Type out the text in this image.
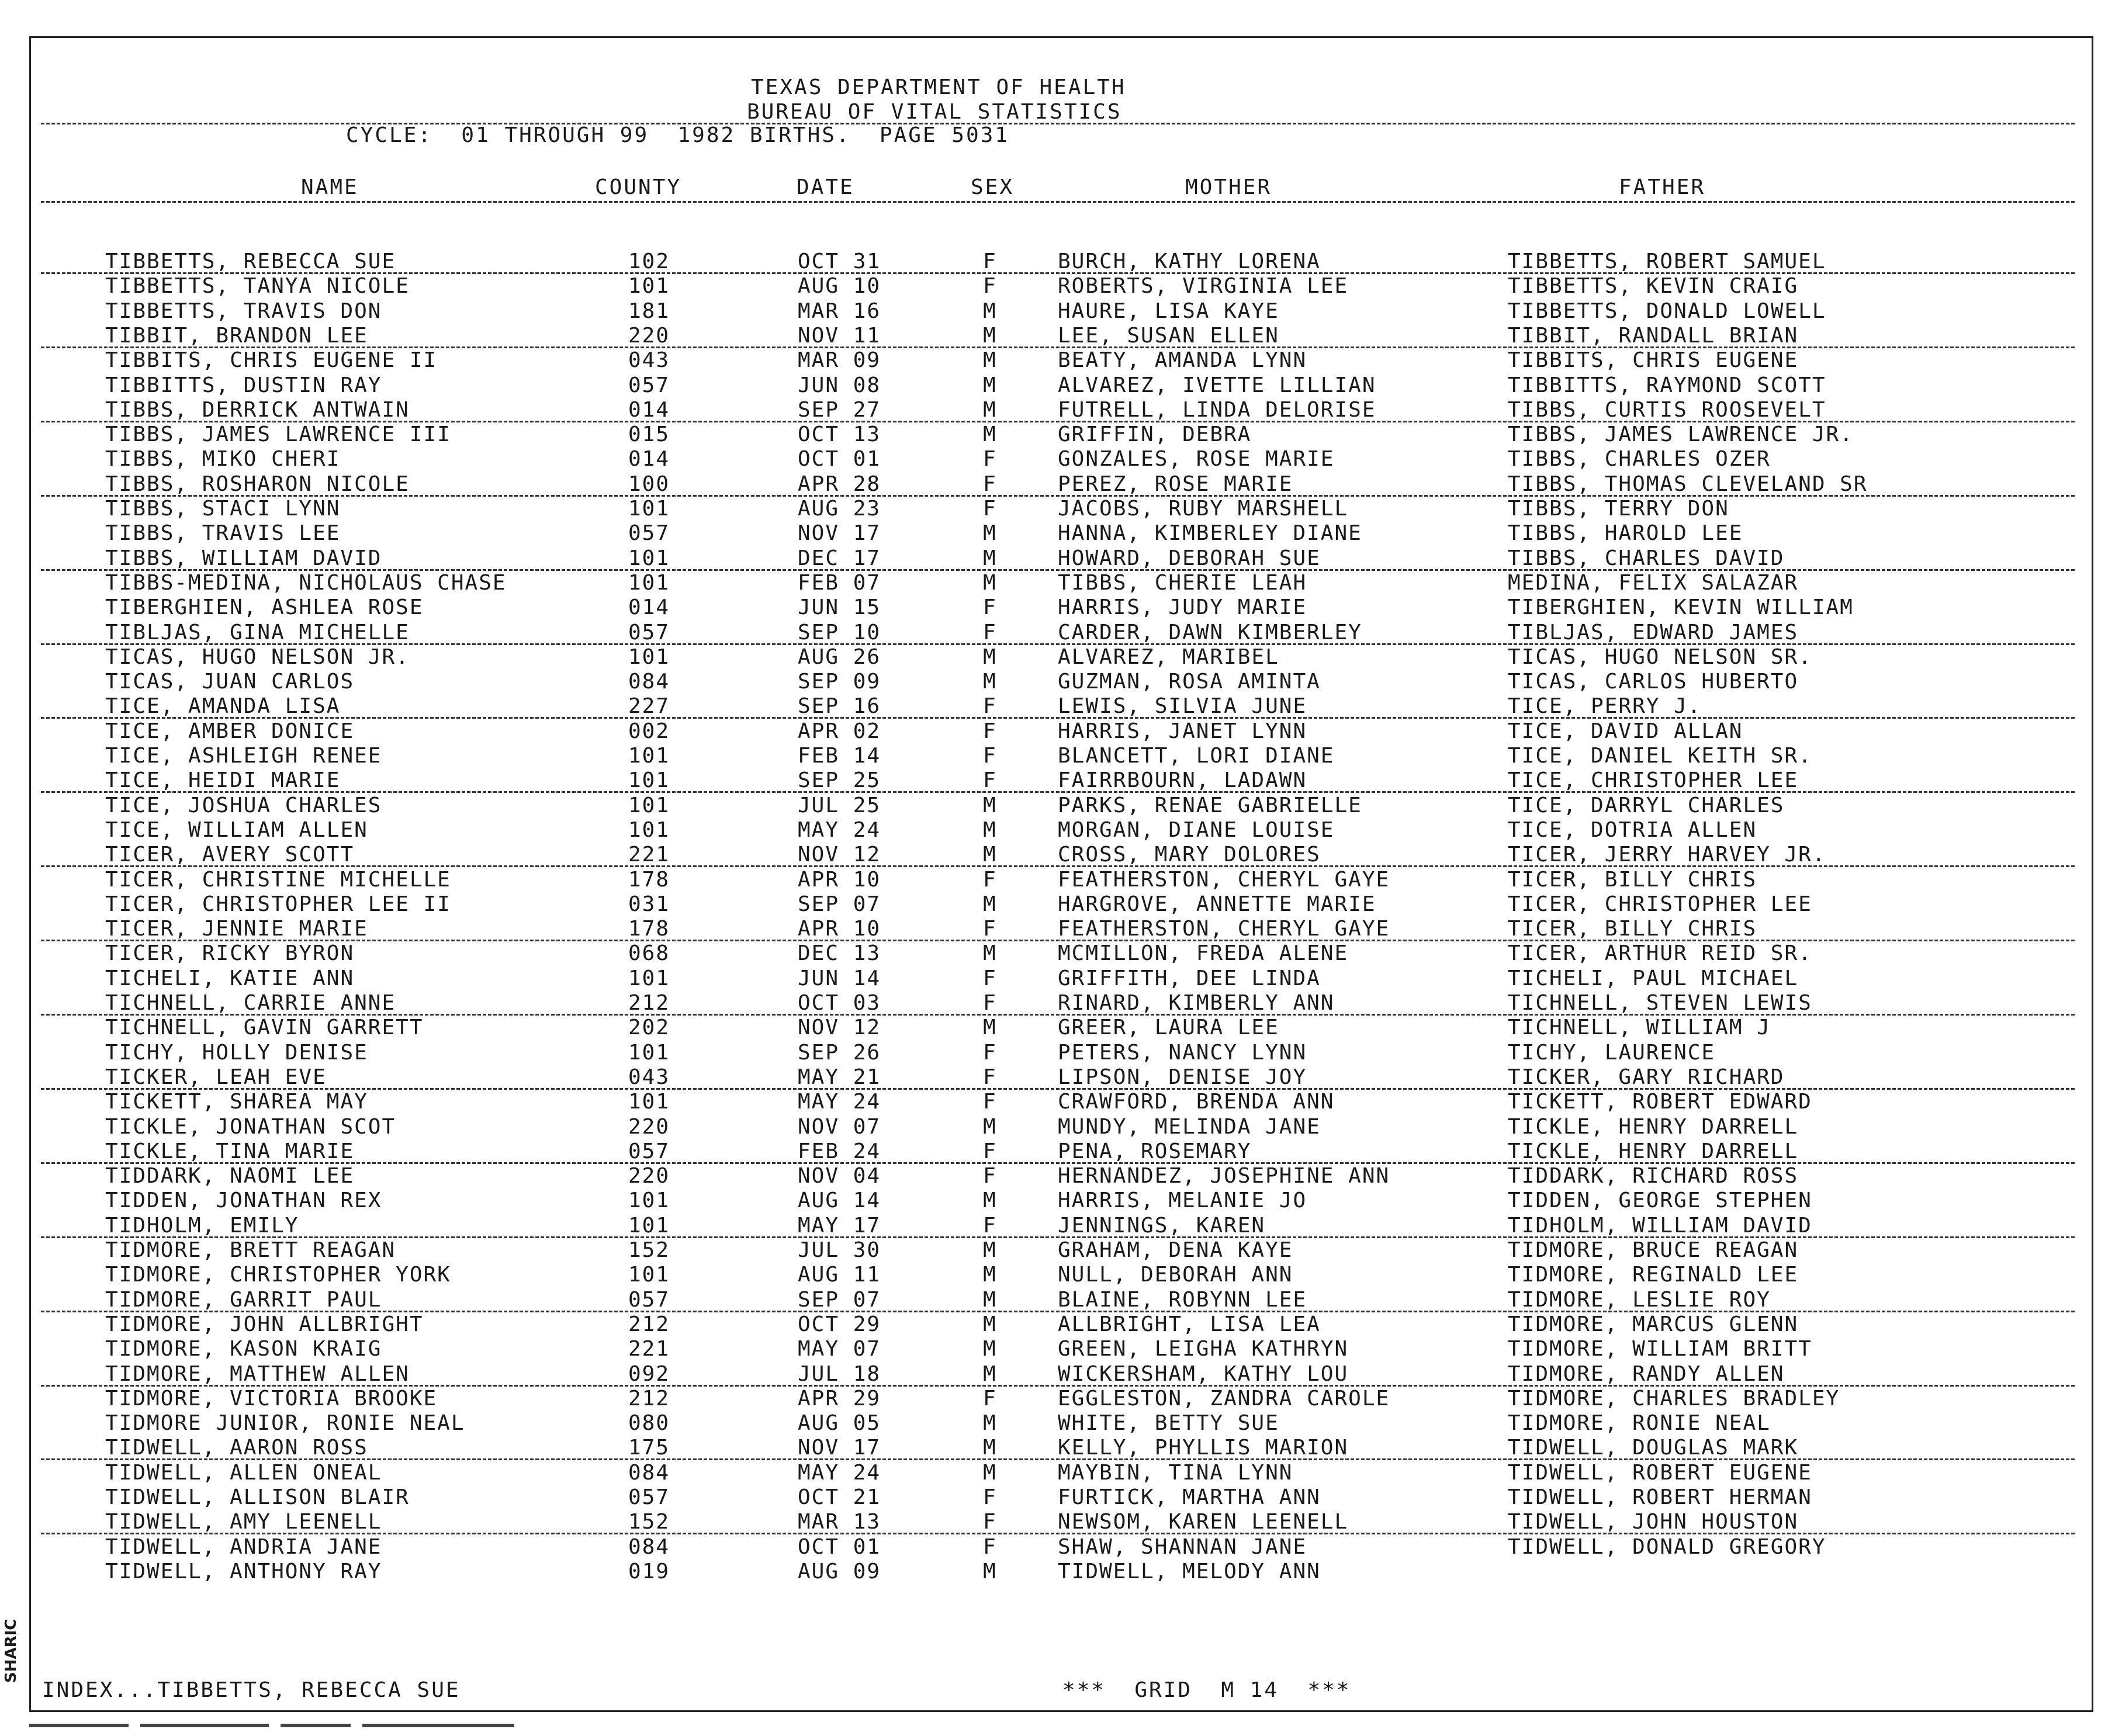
TEXAS DEPARTMENT OF HEALTH
BUREAU OF VITAL STATISTICS
CYCLE:  01 THROUGH 99  1982 BIRTHS.  PAGE 5031
NAME	COUNTY	DATE	SEX	MOTHER	FATHER
TIBBETTS, REBECCA SUE	102	OCT 31	F	BURCH, KATHY LORENA	TIBBETTS, ROBERT SAMUEL
TIBBETTS, TANYA NICOLE	101	AUG 10	F	ROBERTS, VIRGINIA LEE	TIBBETTS, KEVIN CRAIG
TIBBETTS, TRAVIS DON	181	MAR 16	M	HAURE, LISA KAYE	TIBBETTS, DONALD LOWELL
TIBBIT, BRANDON LEE	220	NOV 11	M	LEE, SUSAN ELLEN	TIBBIT, RANDALL BRIAN
TIBBITS, CHRIS EUGENE II	043	MAR 09	M	BEATY, AMANDA LYNN	TIBBITS, CHRIS EUGENE
TIBBITTS, DUSTIN RAY	057	JUN 08	M	ALVAREZ, IVETTE LILLIAN	TIBBITTS, RAYMOND SCOTT
TIBBS, DERRICK ANTWAIN	014	SEP 27	M	FUTRELL, LINDA DELORISE	TIBBS, CURTIS ROOSEVELT
TIBBS, JAMES LAWRENCE III	015	OCT 13	M	GRIFFIN, DEBRA	TIBBS, JAMES LAWRENCE JR.
TIBBS, MIKO CHERI	014	OCT 01	F	GONZALES, ROSE MARIE	TIBBS, CHARLES OZER
TIBBS, ROSHARON NICOLE	100	APR 28	F	PEREZ, ROSE MARIE	TIBBS, THOMAS CLEVELAND SR
TIBBS, STACI LYNN	101	AUG 23	F	JACOBS, RUBY MARSHELL	TIBBS, TERRY DON
TIBBS, TRAVIS LEE	057	NOV 17	M	HANNA, KIMBERLEY DIANE	TIBBS, HAROLD LEE
TIBBS, WILLIAM DAVID	101	DEC 17	M	HOWARD, DEBORAH SUE	TIBBS, CHARLES DAVID
TIBBS-MEDINA, NICHOLAUS CHASE	101	FEB 07	M	TIBBS, CHERIE LEAH	MEDINA, FELIX SALAZAR
TIBERGHIEN, ASHLEA ROSE	014	JUN 15	F	HARRIS, JUDY MARIE	TIBERGHIEN, KEVIN WILLIAM
TIBLJAS, GINA MICHELLE	057	SEP 10	F	CARDER, DAWN KIMBERLEY	TIBLJAS, EDWARD JAMES
TICAS, HUGO NELSON JR.	101	AUG 26	M	ALVAREZ, MARIBEL	TICAS, HUGO NELSON SR.
TICAS, JUAN CARLOS	084	SEP 09	M	GUZMAN, ROSA AMINTA	TICAS, CARLOS HUBERTO
TICE, AMANDA LISA	227	SEP 16	F	LEWIS, SILVIA JUNE	TICE, PERRY J.
TICE, AMBER DONICE	002	APR 02	F	HARRIS, JANET LYNN	TICE, DAVID ALLAN
TICE, ASHLEIGH RENEE	101	FEB 14	F	BLANCETT, LORI DIANE	TICE, DANIEL KEITH SR.
TICE, HEIDI MARIE	101	SEP 25	F	FAIRRBOURN, LADAWN	TICE, CHRISTOPHER LEE
TICE, JOSHUA CHARLES	101	JUL 25	M	PARKS, RENAE GABRIELLE	TICE, DARRYL CHARLES
TICE, WILLIAM ALLEN	101	MAY 24	M	MORGAN, DIANE LOUISE	TICE, DOTRIA ALLEN
TICER, AVERY SCOTT	221	NOV 12	M	CROSS, MARY DOLORES	TICER, JERRY HARVEY JR.
TICER, CHRISTINE MICHELLE	178	APR 10	F	FEATHERSTON, CHERYL GAYE	TICER, BILLY CHRIS
TICER, CHRISTOPHER LEE II	031	SEP 07	M	HARGROVE, ANNETTE MARIE	TICER, CHRISTOPHER LEE
TICER, JENNIE MARIE	178	APR 10	F	FEATHERSTON, CHERYL GAYE	TICER, BILLY CHRIS
TICER, RICKY BYRON	068	DEC 13	M	MCMILLON, FREDA ALENE	TICER, ARTHUR REID SR.
TICHELI, KATIE ANN	101	JUN 14	F	GRIFFITH, DEE LINDA	TICHELI, PAUL MICHAEL
TICHNELL, CARRIE ANNE	212	OCT 03	F	RINARD, KIMBERLY ANN	TICHNELL, STEVEN LEWIS
TICHNELL, GAVIN GARRETT	202	NOV 12	M	GREER, LAURA LEE	TICHNELL, WILLIAM J
TICHY, HOLLY DENISE	101	SEP 26	F	PETERS, NANCY LYNN	TICHY, LAURENCE
TICKER, LEAH EVE	043	MAY 21	F	LIPSON, DENISE JOY	TICKER, GARY RICHARD
TICKETT, SHAREA MAY	101	MAY 24	F	CRAWFORD, BRENDA ANN	TICKETT, ROBERT EDWARD
TICKLE, JONATHAN SCOT	220	NOV 07	M	MUNDY, MELINDA JANE	TICKLE, HENRY DARRELL
TICKLE, TINA MARIE	057	FEB 24	F	PENA, ROSEMARY	TICKLE, HENRY DARRELL
TIDDARK, NAOMI LEE	220	NOV 04	F	HERNANDEZ, JOSEPHINE ANN	TIDDARK, RICHARD ROSS
TIDDEN, JONATHAN REX	101	AUG 14	M	HARRIS, MELANIE JO	TIDDEN, GEORGE STEPHEN
TIDHOLM, EMILY	101	MAY 17	F	JENNINGS, KAREN	TIDHOLM, WILLIAM DAVID
TIDMORE, BRETT REAGAN	152	JUL 30	M	GRAHAM, DENA KAYE	TIDMORE, BRUCE REAGAN
TIDMORE, CHRISTOPHER YORK	101	AUG 11	M	NULL, DEBORAH ANN	TIDMORE, REGINALD LEE
TIDMORE, GARRIT PAUL	057	SEP 07	M	BLAINE, ROBYNN LEE	TIDMORE, LESLIE ROY
TIDMORE, JOHN ALLBRIGHT	212	OCT 29	M	ALLBRIGHT, LISA LEA	TIDMORE, MARCUS GLENN
TIDMORE, KASON KRAIG	221	MAY 07	M	GREEN, LEIGHA KATHRYN	TIDMORE, WILLIAM BRITT
TIDMORE, MATTHEW ALLEN	092	JUL 18	M	WICKERSHAM, KATHY LOU	TIDMORE, RANDY ALLEN
TIDMORE, VICTORIA BROOKE	212	APR 29	F	EGGLESTON, ZANDRA CAROLE	TIDMORE, CHARLES BRADLEY
TIDMORE JUNIOR, RONIE NEAL	080	AUG 05	M	WHITE, BETTY SUE	TIDMORE, RONIE NEAL
TIDWELL, AARON ROSS	175	NOV 17	M	KELLY, PHYLLIS MARION	TIDWELL, DOUGLAS MARK
TIDWELL, ALLEN ONEAL	084	MAY 24	M	MAYBIN, TINA LYNN	TIDWELL, ROBERT EUGENE
TIDWELL, ALLISON BLAIR	057	OCT 21	F	FURTICK, MARTHA ANN	TIDWELL, ROBERT HERMAN
TIDWELL, AMY LEENELL	152	MAR 13	F	NEWSOM, KAREN LEENELL	TIDWELL, JOHN HOUSTON
TIDWELL, ANDRIA JANE	084	OCT 01	F	SHAW, SHANNAN JANE	TIDWELL, DONALD GREGORY
TIDWELL, ANTHONY RAY	019	AUG 09	M	TIDWELL, MELODY ANN
INDEX...TIBBETTS, REBECCA SUE	***  GRID  M 14  ***
SHARIC
